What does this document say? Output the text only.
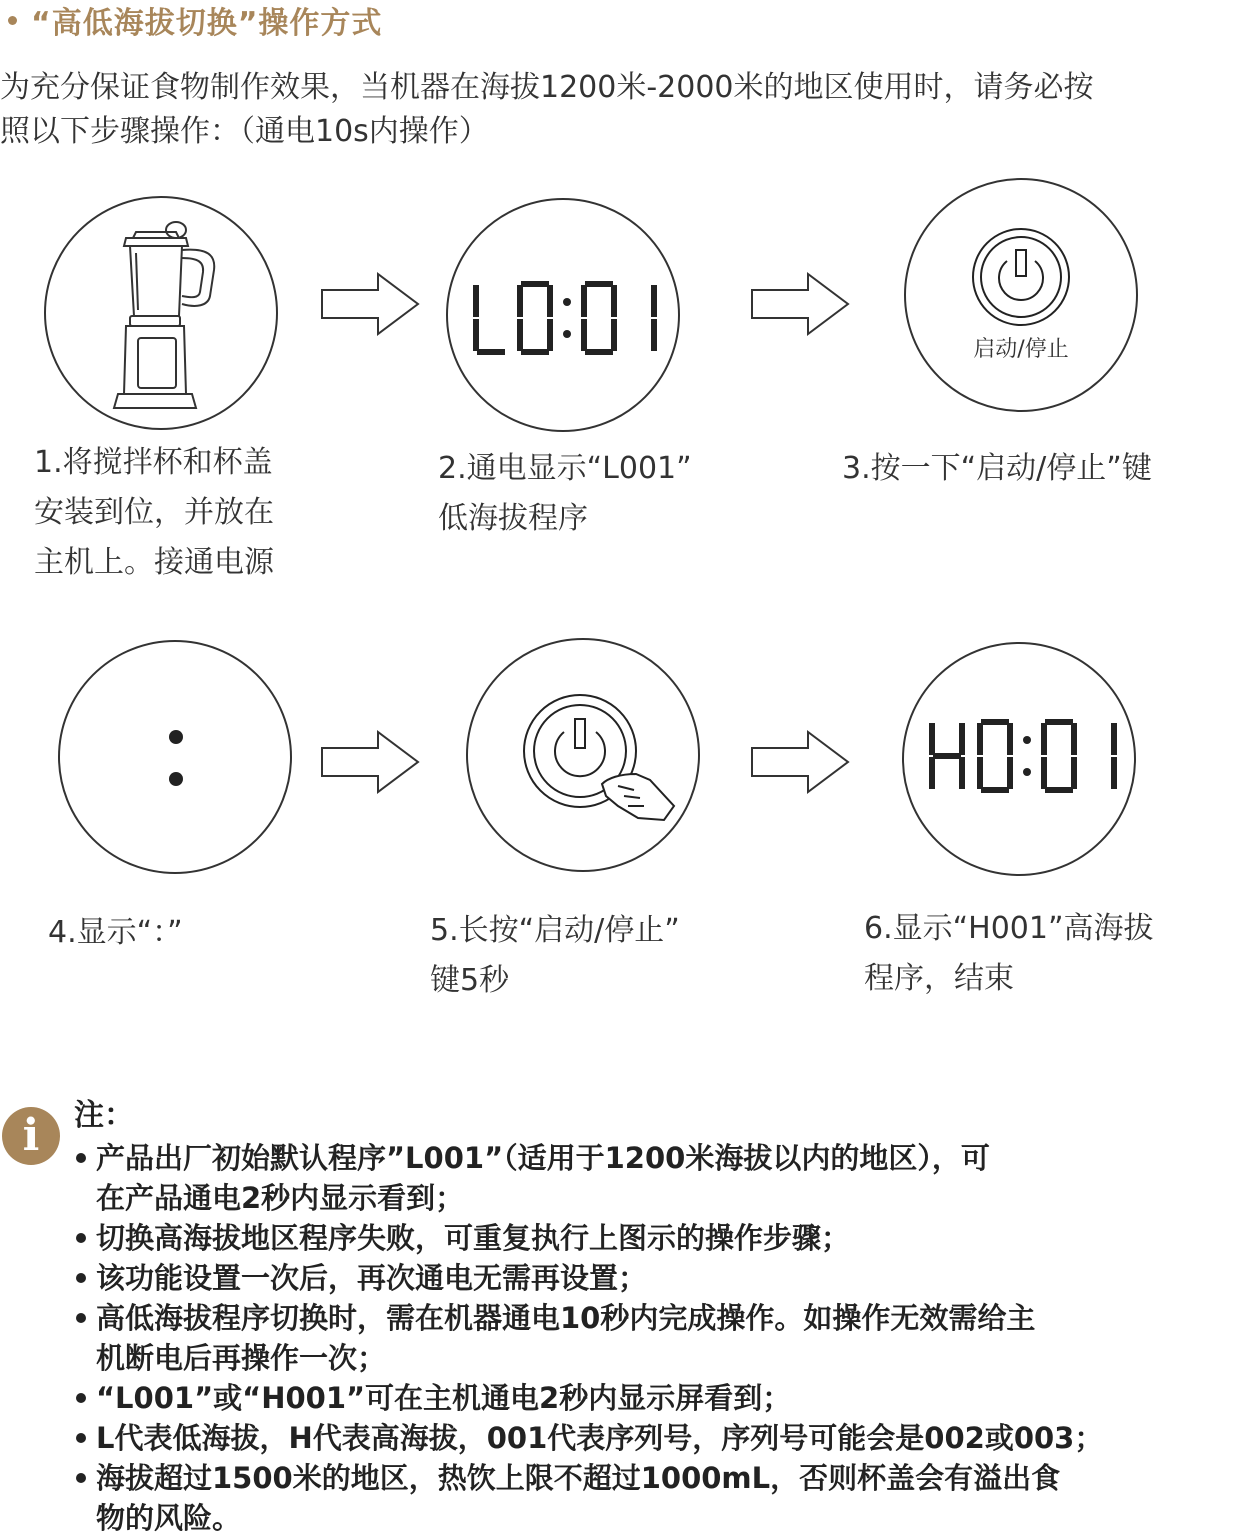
“高低海拔切换”操作方式
为充分保证食物制作效果，当机器在海拔1200米-2000米的地区使用时，请务必按
照以下步骤操作：（通电10s内操作）
启动/停止
1.将搅拌杯和杯盖
安装到位，并放在
主机上。接通电源
2.通电显示“L001”
低海拔程序
3.按一下“启动/停止”键
4.显示“：”	5.长按“启动/停止”
键5秒
6.显示“H001”高海拔
程序，结束
i	注：
产品出厂初始默认程序”L001”（适用于1200米海拔以内的地区），可
在产品通电2秒内显示看到；
切换高海拔地区程序失败，可重复执行上图示的操作步骤；
该功能设置一次后，再次通电无需再设置；
高低海拔程序切换时，需在机器通电10秒内完成操作。如操作无效需给主
机断电后再操作一次；
“L001”或“H001”可在主机通电2秒内显示屏看到；
L代表低海拔，H代表高海拔，001代表序列号，序列号可能会是002或003；
海拔超过1500米的地区，热饮上限不超过1000mL，否则杯盖会有溢出食
物的风险。
